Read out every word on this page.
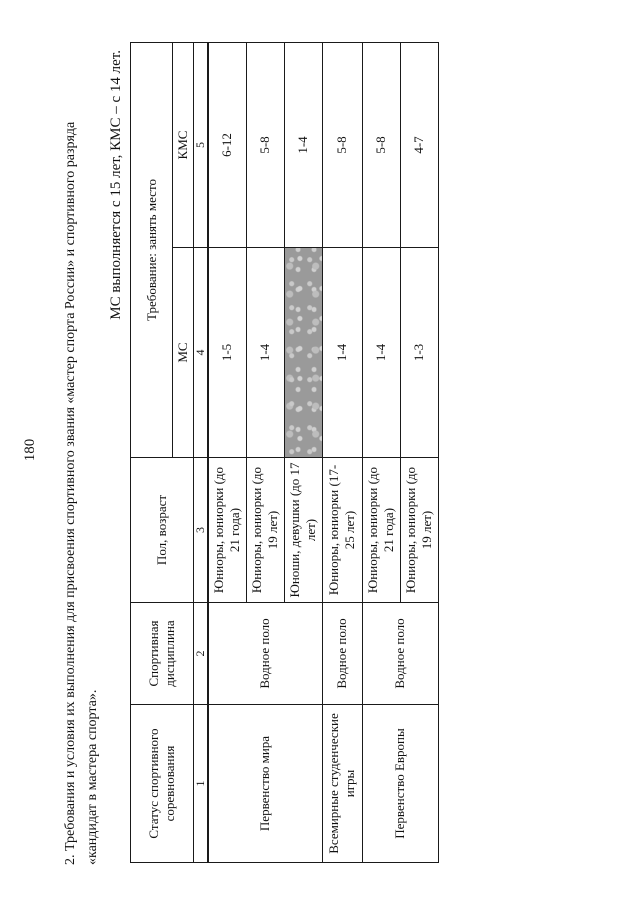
180 2. Требования и условия их выполнения для присвоения спортивного звания «мастер спорта России» и спортивного разряда «кандидат в мастера спорта».

МС выполняется с 15 лет, КМС – с 14 лет.
Статус спортивного соревнования	Спортивная дисциплина	Пол, возраст	Требование: занять место	
			МС	КМС
1	2	3	4	5
Первенство мира	Водное поло	Юниоры, юниорки (до 21 года)	1-5	6-12
		Юниоры, юниорки (до 19 лет)	1-4	5-8
		Юноши, девушки (до 17 лет)		1-4
Всемирные студенческие игры	Водное поло	Юниоры, юниорки (17-25 лет)	1-4	5-8
Первенство Европы	Водное поло	Юниоры, юниорки (до 21 года)	1-4	5-8
		Юниоры, юниорки (до 19 лет)	1-3	4-7
